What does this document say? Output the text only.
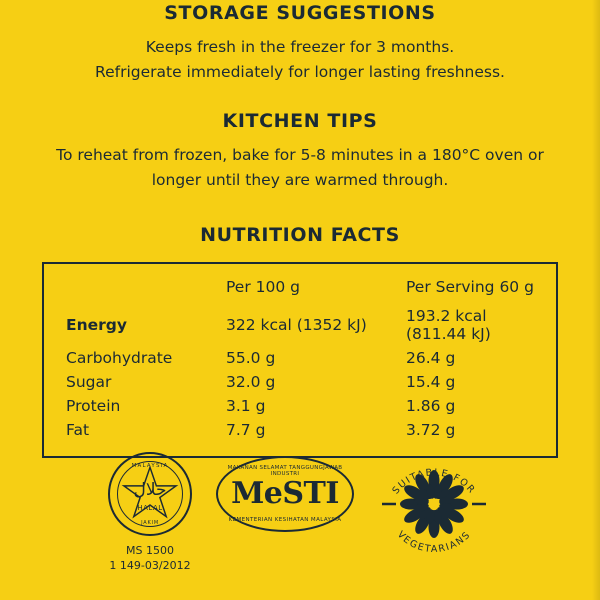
STORAGE SUGGESTIONS
Keeps fresh in the freezer for 3 months.
Refrigerate immediately for longer lasting freshness.
KITCHEN TIPS
To reheat from frozen, bake for 5-8 minutes in a 180°C oven or
longer until they are warmed through.
NUTRITION FACTS
	Per 100 g	Per Serving 60 g
Energy	322 kcal (1352 kJ)	193.2 kcal (811.44 kJ)
Carbohydrate	55.0 g	26.4 g
Sugar	32.0 g	15.4 g
Protein	3.1 g	1.86 g
Fat	7.7 g	3.72 g
MALAYSIA
حلال
HALAL
JAKIM
MS 1500
1 149-03/2012
MAKANAN SELAMAT TANGGUNGJAWAB INDUSTRI
MeSTI
KEMENTERIAN KESIHATAN MALAYSIA
V
SUITABLE FOR
VEGETARIANS
